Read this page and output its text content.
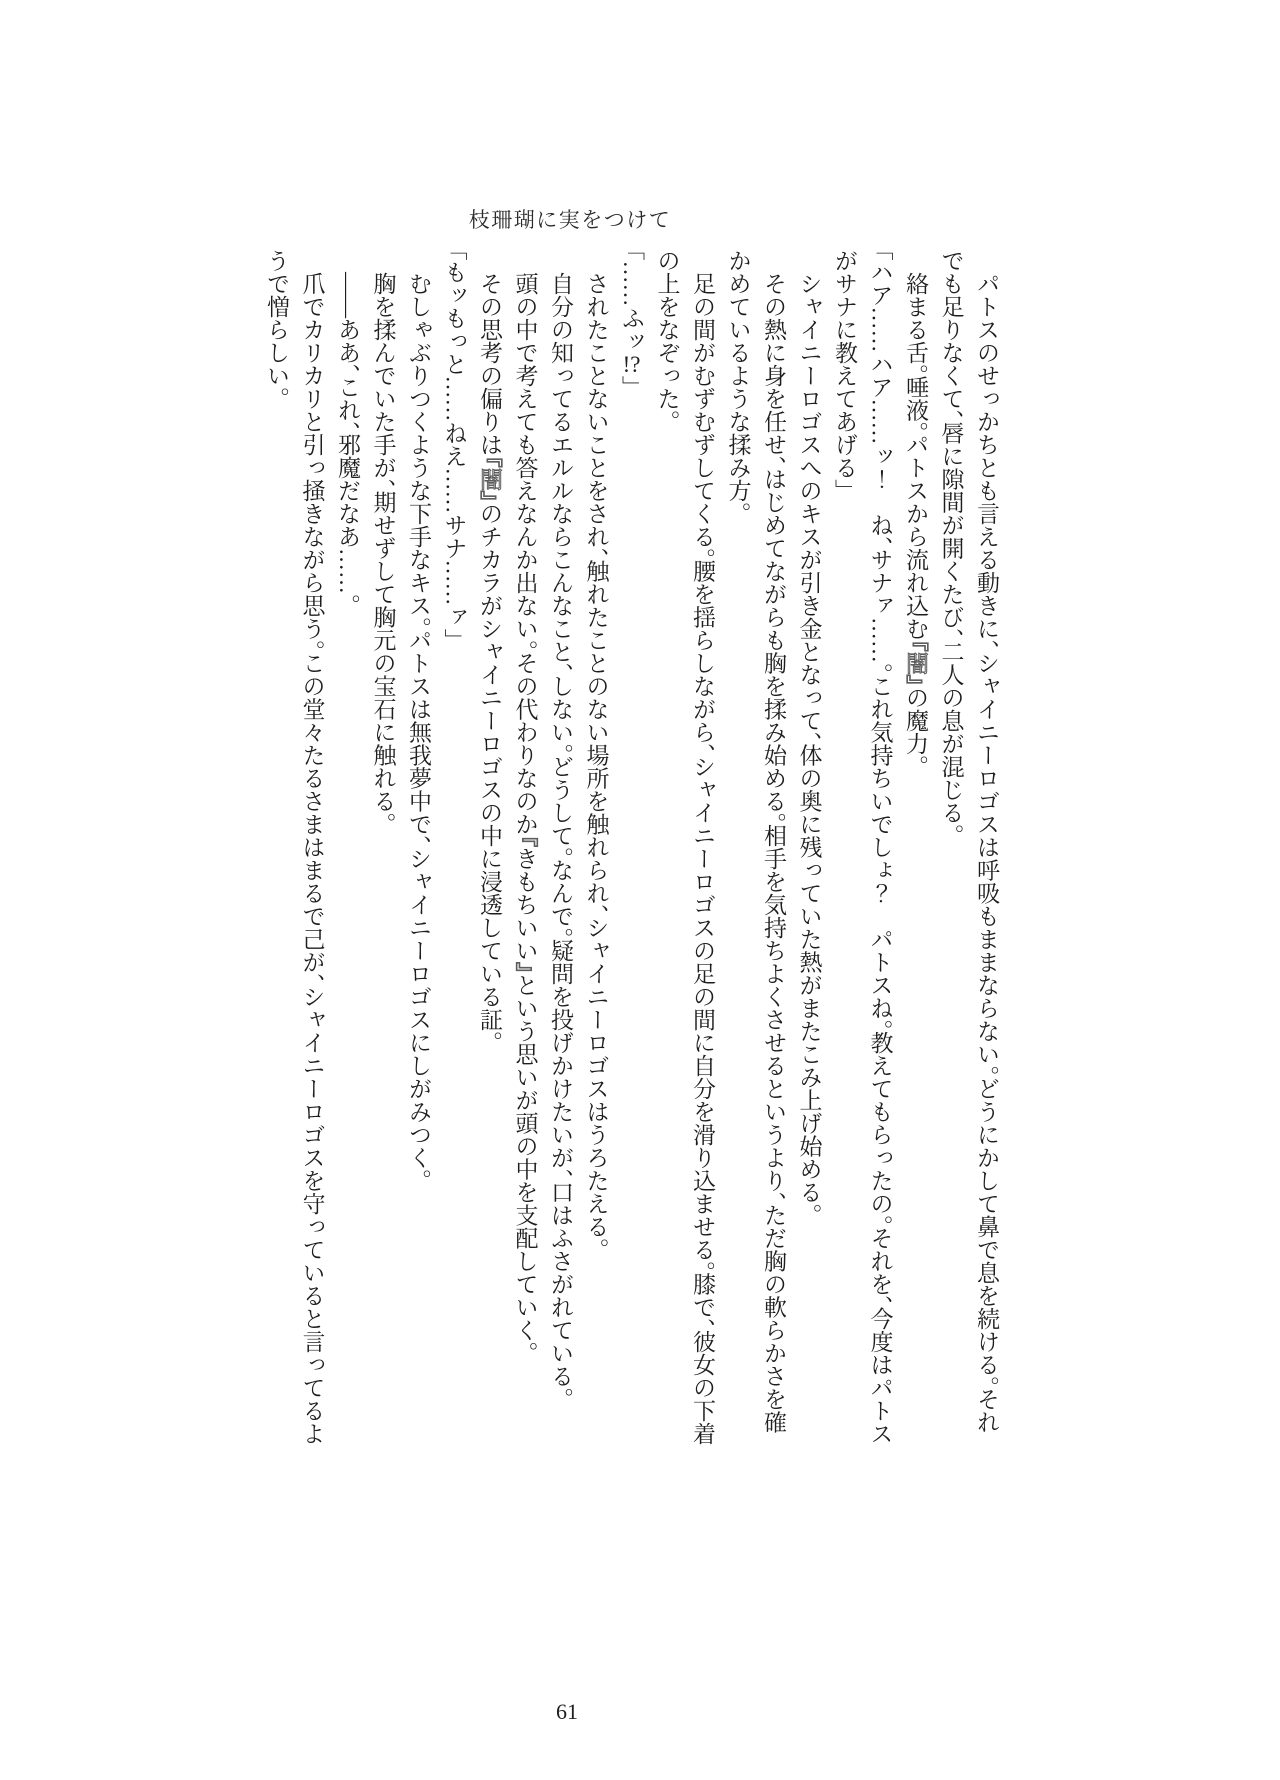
枝珊瑚に実をつけて

パトスのせっかちとも言える動きに、シャイニーロゴスは呼吸もままならない。どうにかして鼻で息を続ける。それでも足りなくて、唇に隙間が開くたび、二人の息が混じる。

絡まる舌。唾液。パトスから流れ込む『闇』の魔力。

「ハア……ハア……ッ！　ね、サナァ……。これ気持ちいでしょ？　パトスね。教えてもらったの。それを、今度はパトスがサナに教えてあげる」

シャイニーロゴスへのキスが引き金となって、体の奥に残っていた熱がまたこみ上げ始める。

その熱に身を任せ、はじめてながらも胸を揉み始める。相手を気持ちよくさせるというより、ただ胸の軟らかさを確かめているような揉み方。

足の間がむずむずしてくる。腰を揺らしながら、シャイニーロゴスの足の間に自分を滑り込ませる。膝で、彼女の下着の上をなぞった。

「……ふッ!?」

されたことないことをされ、触れたことのない場所を触れられ、シャイニーロゴスはうろたえる。

自分の知ってるエルルならこんなこと、しない。どうして。なんで。疑問を投げかけたいが、口はふさがれている。

頭の中で考えても答えなんか出ない。その代わりなのか『きもちいい』という思いが頭の中を支配していく。

その思考の偏りは『闇』のチカラがシャイニーロゴスの中に浸透している証。

「もッもっと……ねえ……サナ……ァ」

むしゃぶりつくような下手なキス。パトスは無我夢中で、シャイニーロゴスにしがみつく。

胸を揉んでいた手が、期せずして胸元の宝石に触れる。

——ああ、これ、邪魔だなあ……。

爪でカリカリと引っ掻きながら思う。この堂々たるさまはまるで己が、シャイニーロゴスを守っていると言ってるようで憎らしい。

61
